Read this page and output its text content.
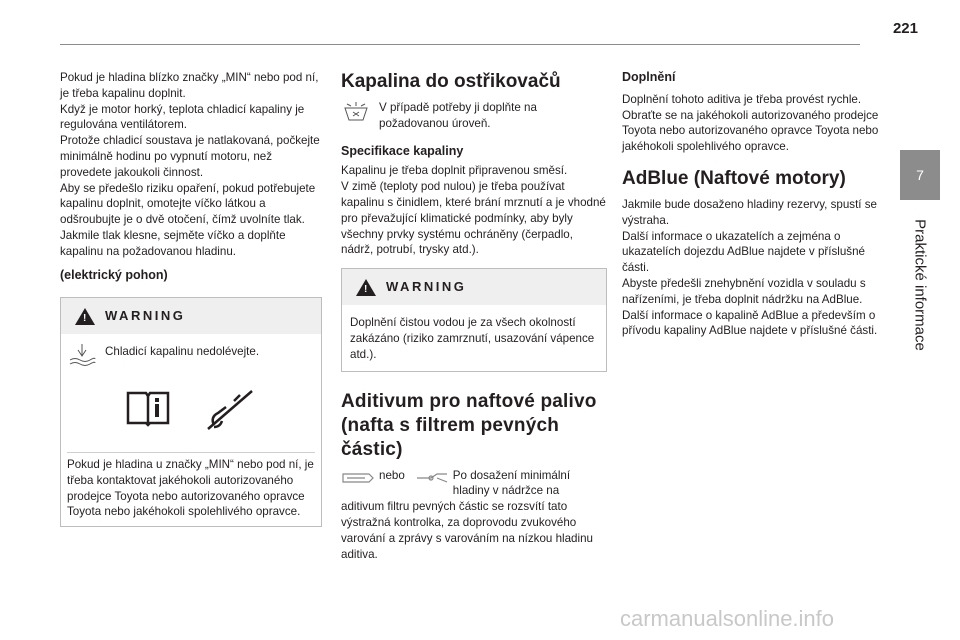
221
7
Praktické informace
Pokud je hladina blízko značky „MIN“ nebo pod ní, je třeba kapalinu doplnit.
Když je motor horký, teplota chladicí kapaliny je regulována ventilátorem.
Protože chladicí soustava je natlakovaná, počkejte minimálně hodinu po vypnutí motoru, než provedete jakoukoli činnost.
Aby se předešlo riziku opaření, pokud potřebujete kapalinu doplnit, omotejte víčko látkou a odšroubujte je o dvě otočení, čímž uvolníte tlak.
Jakmile tlak klesne, sejměte víčko a doplňte kapalinu na požadovanou hladinu.
(elektrický pohon)
!
WARNING
Chladicí kapalinu nedolévejte.
Pokud je hladina u značky „MIN“ nebo pod ní, je třeba kontaktovat jakéhokoli autorizovaného prodejce Toyota nebo autorizovaného opravce Toyota nebo jakéhokoli spolehlivého opravce.
Kapalina do ostřikovačů
V případě potřeby ji doplňte na požadovanou úroveň.
Specifikace kapaliny
Kapalinu je třeba doplnit připravenou směsí.
V zimě (teploty pod nulou) je třeba používat kapalinu s činidlem, které brání mrznutí a je vhodné pro převažující klimatické podmínky, aby byly všechny prvky systému ochráněny (čerpadlo, nádrž, potrubí, trysky atd.).
!
WARNING
Doplnění čistou vodou je za všech okolností zakázáno (riziko zamrznutí, usazování vápence atd.).
Aditivum pro naftové palivo (nafta s filtrem pevných částic)
nebo	Po dosažení minimální hladiny v nádržce na
aditivum filtru pevných částic se rozsvítí tato výstražná kontrolka, za doprovodu zvukového varování a zprávy s varováním na nízkou hladinu aditiva.
Doplnění
Doplnění tohoto aditiva je třeba provést rychle. Obraťte se na jakéhokoli autorizovaného prodejce Toyota nebo autorizovaného opravce Toyota nebo jakéhokoli spolehlivého opravce.
AdBlue (Naftové motory)
Jakmile bude dosaženo hladiny rezervy, spustí se výstraha.
Další informace o ukazatelích a zejména o ukazatelích dojezdu AdBlue najdete v příslušné části.
Abyste předešli znehybnění vozidla v souladu s nařízeními, je třeba doplnit nádržku na AdBlue. Další informace o kapalině AdBlue a především o přívodu kapaliny AdBlue najdete v příslušné části.
carmanualsonline.info
